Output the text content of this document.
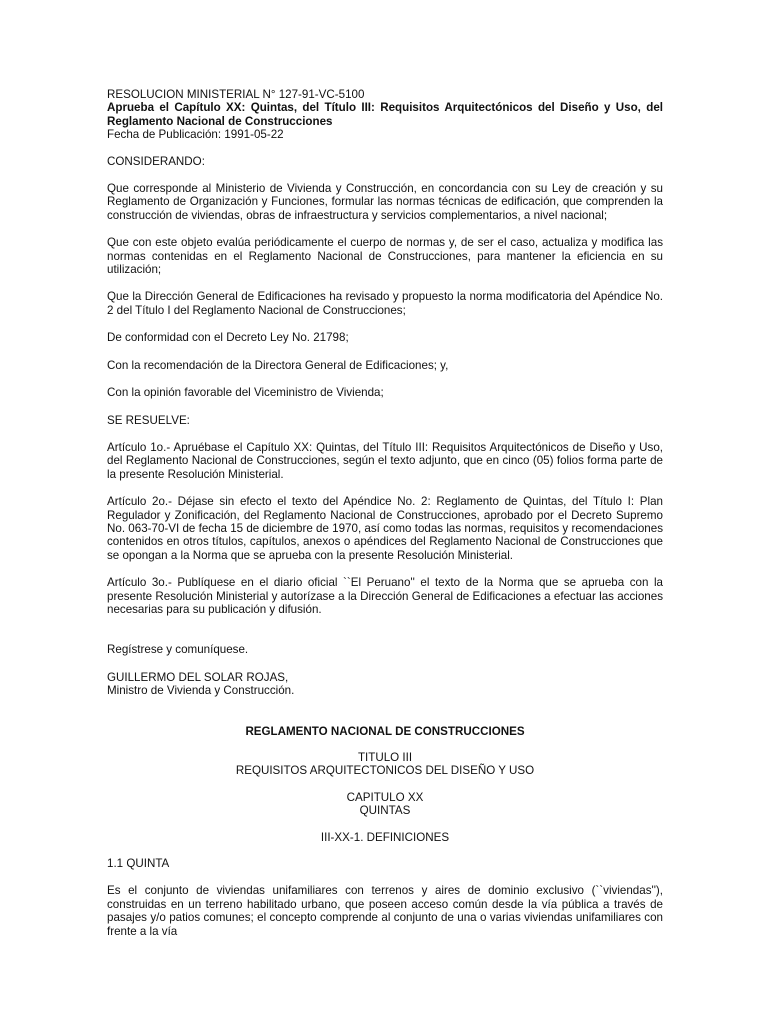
RESOLUCION MINISTERIAL N° 127-91-VC-5100
Aprueba el Capítulo XX: Quintas, del Título III: Requisitos Arquitectónicos del Diseño y Uso, del Reglamento Nacional de Construcciones
Fecha de Publicación: 1991-05-22

CONSIDERANDO:

Que corresponde al Ministerio de Vivienda y Construcción, en concordancia con su Ley de creación y su Reglamento de Organización y Funciones, formular las normas técnicas de edificación, que comprenden la construcción de viviendas, obras de infraestructura y servicios complementarios, a nivel nacional;

Que con este objeto evalúa periódicamente el cuerpo de normas y, de ser el caso, actualiza y modifica las normas contenidas en el Reglamento Nacional de Construcciones, para mantener la eficiencia en su utilización;

Que la Dirección General de Edificaciones ha revisado y propuesto la norma modificatoria del Apéndice No. 2 del Título I del Reglamento Nacional de Construcciones;

De conformidad con el Decreto Ley No. 21798;

Con la recomendación de la Directora General de Edificaciones; y,

Con la opinión favorable del Viceministro de Vivienda;

SE RESUELVE:

Artículo 1o.- Apruébase el Capítulo XX: Quintas, del Título III: Requisitos Arquitectónicos de Diseño y Uso, del Reglamento Nacional de Construcciones, según el texto adjunto, que en cinco (05) folios forma parte de la presente Resolución Ministerial.

Artículo 2o.- Déjase sin efecto el texto del Apéndice No. 2: Reglamento de Quintas, del Título I: Plan Regulador y Zonificación, del Reglamento Nacional de Construcciones, aprobado por el Decreto Supremo No. 063-70-VI de fecha 15 de diciembre de 1970, así como todas las normas, requisitos y recomendaciones contenidos en otros títulos, capítulos, anexos o apéndices del Reglamento Nacional de Construcciones que se opongan a la Norma que se aprueba con la presente Resolución Ministerial.

Artículo 3o.- Publíquese en el diario oficial ``El Peruano'' el texto de la Norma que se aprueba con la presente Resolución Ministerial y autorízase a la Dirección General de Edificaciones a efectuar las acciones necesarias para su publicación y difusión.

Regístrese y comuníquese.

GUILLERMO DEL SOLAR ROJAS,
Ministro de Vivienda y Construcción.
REGLAMENTO NACIONAL DE CONSTRUCCIONES
TITULO III
REQUISITOS ARQUITECTONICOS DEL DISEÑO Y USO
CAPITULO XX
QUINTAS
III-XX-1. DEFINICIONES

1.1 QUINTA

Es el conjunto de viviendas unifamiliares con terrenos y aires de dominio exclusivo (``viviendas''), construidas en un terreno habilitado urbano, que poseen acceso común desde la vía pública a través de pasajes y/o patios comunes; el concepto comprende al conjunto de una o varias viviendas unifamiliares con frente a la vía
